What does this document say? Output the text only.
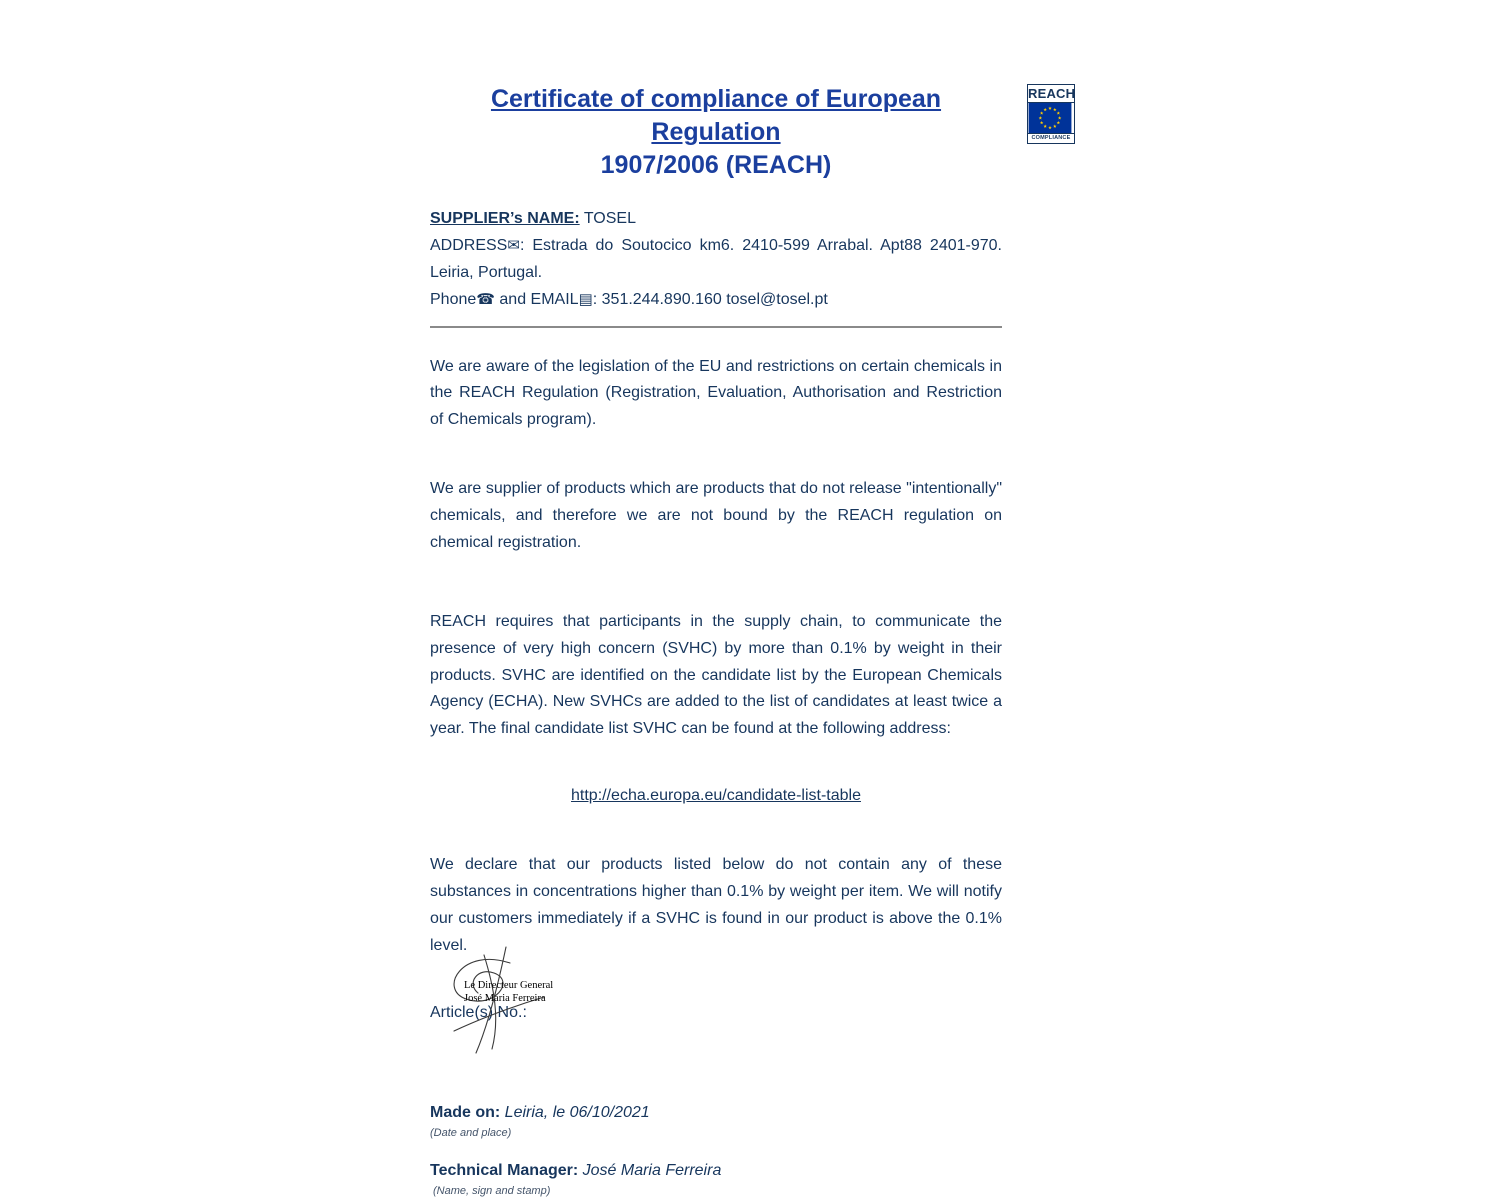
Certificate of compliance of European Regulation
1907/2006 (REACH)
SUPPLIER’s NAME: TOSEL
ADDRESS✉: Estrada do Soutocico km6. 2410-599 Arrabal. Apt88 2401-970. Leiria, Portugal.
Phone☎ and EMAIL▤: 351.244.890.160 tosel@tosel.pt
We are aware of the legislation of the EU and restrictions on certain chemicals in the REACH Regulation (Registration, Evaluation, Authorisation and Restriction of Chemicals program).
We are supplier of products which are products that do not release "intentionally" chemicals, and therefore we are not bound by the REACH regulation on chemical registration.
REACH requires that participants in the supply chain, to communicate the presence of very high concern (SVHC) by more than 0.1% by weight in their products. SVHC are identified on the candidate list by the European Chemicals Agency (ECHA). New SVHCs are added to the list of candidates at least twice a year. The final candidate list SVHC can be found at the following address:
http://echa.europa.eu/candidate-list-table
We declare that our products listed below do not contain any of these substances in concentrations higher than 0.1% by weight per item. We will notify our customers immediately if a SVHC is found in our product is above the 0.1% level.
Article(s) No.:
Made on: Leiria, le 06/10/2021
(Date and place)
Technical Manager: José Maria Ferreira
(Name, sign and stamp)
REACH
COMPLIANCE
Le Directeur General
José Maria Ferreira
